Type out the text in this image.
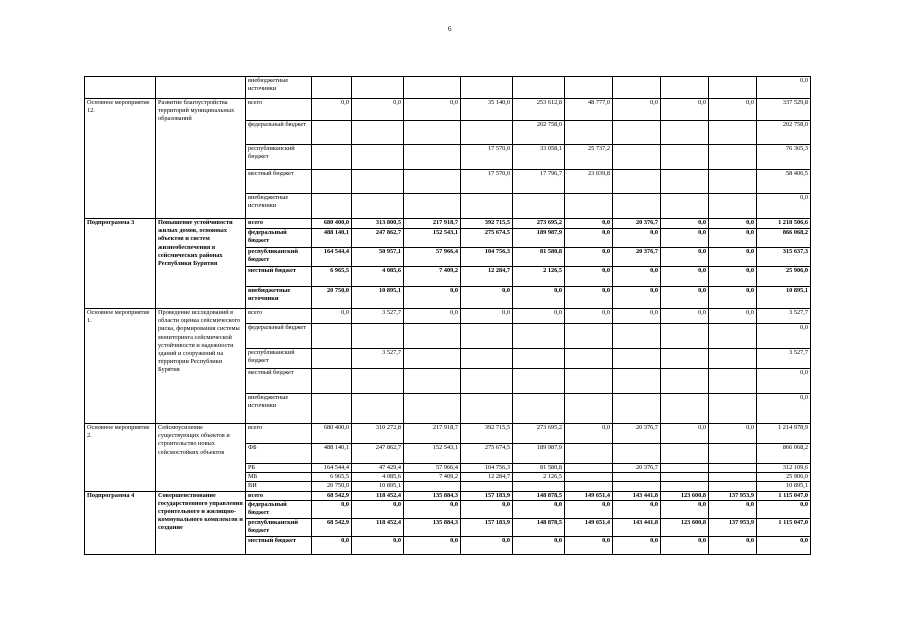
6
		внебюджетные источники										0,0
Основное мероприятие 12.	Развитие благоустройства территорий муниципальных образований	всего	0,0	0,0	0,0	35 140,0	253 612,8	48 777,0	0,0	0,0	0,0	337 529,8
		федеральный бюджет					202 758,0					202 758,0
		республиканский бюджет				17 570,0	33 058,1	25 737,2				76 365,3
		местный бюджет				17 570,0	17 796,7	23 039,8				58 406,5
		внебюджетные источники										0,0
Подпрограмма 3	Повышение устойчивости жилых домов, основных объектов и систем жизнеобеспечения в сейсмических районах Республики Бурятия	всего	680 400,0	313 800,5	217 918,7	392 715,5	273 695,2	0,0	20 376,7	0,0	0,0	1 218 506,6
		федеральный бюджет	488 140,1	247 862,7	152 543,1	275 674,5	189 987,9	0,0	0,0	0,0	0,0	866 068,2
		республиканский бюджет	164 544,4	50 957,1	57 966,4	104 756,3	81 580,8	0,0	20 376,7	0,0	0,0	315 637,3
		местный бюджет	6 965,5	4 085,6	7 409,2	12 284,7	2 126,5	0,0	0,0	0,0	0,0	25 906,0
		внебюджетные источники	20 750,0	10 895,1	0,0	0,0	0,0	0,0	0,0	0,0	0,0	10 895,1
Основное мероприятие 1.	Проведение исследований в области оценка сейсмического риска, формирования системы мониторинга сейсмической устойчивости и надежности зданий и сооружений на территории Республики Бурятия	всего	0,0	3 527,7	0,0	0,0	0,0	0,0	0,0	0,0	0,0	3 527,7
		федеральный бюджет										0,0
		республиканский бюджет		3 527,7								3 527,7
		местный бюджет										0,0
		внебюджетные источники										0,0
Основное мероприятие 2.	Сейсмоусиление существующих объектов и строительство новых сейсмостойких объектов	всего	680 400,0	310 272,8	217 918,7	392 715,5	273 695,2	0,0	20 376,7	0,0	0,0	1 214 978,9
		ФБ	488 140,1	247 862,7	152 543,1	275 674,5	189 987,9					866 068,2
		РБ	164 544,4	47 429,4	57 966,4	104 756,3	81 580,8		20 376,7			312 109,6
		МБ	6 965,5	4 085,6	7 409,2	12 284,7	2 126,5					25 906,0
		ВИ	20 750,0	10 895,1								10 895,1
Подпрограмма 4	Совершенствование государственного управления строительного и жилищно-коммунального комплексов и создание	всего	68 542,9	118 452,4	135 884,3	157 183,9	148 878,5	149 651,4	143 441,8	123 600,8	137 953,9	1 115 047,0
		федеральный бюджет	0,0	0,0	0,0	0,0	0,0	0,0	0,0	0,0	0,0	0,0
		республиканский бюджет	68 542,9	118 452,4	135 884,3	157 183,9	148 878,5	149 651,4	143 441,8	123 600,8	137 953,9	1 115 047,0
		местный бюджет	0,0	0,0	0,0	0,0	0,0	0,0	0,0	0,0	0,0	0,0
